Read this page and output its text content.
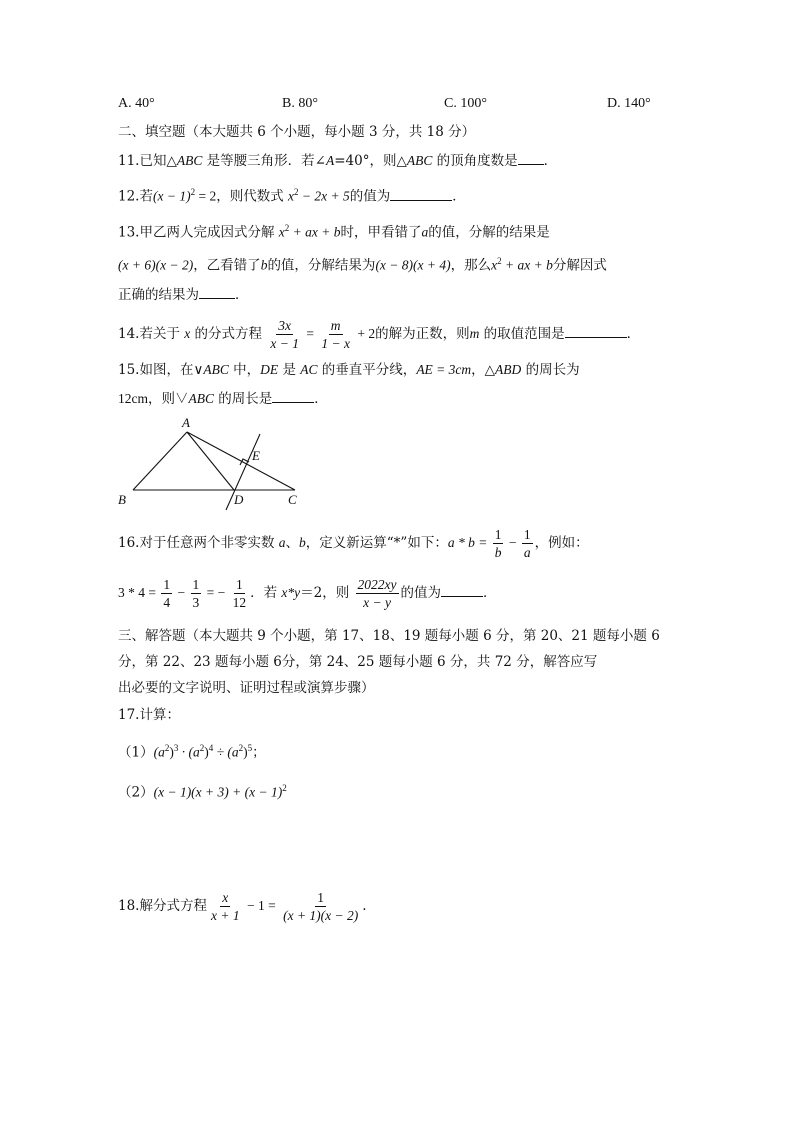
A. 40°	B. 80°	C. 100°	D. 140°
二、填空题（本大题共 6 个小题，每小题 3 分，共 18 分）
11.已知△ABC 是等腰三角形．若∠A=40°，则△ABC 的顶角度数是 ．
12.若$(x - 1)^2 = 2$，则代数式 $x^2 - 2x + 5$的值为	．
13.甲乙两人完成因式分解 $x^2$ + ax + b时，甲看错了a的值，分解的结果是
(x + 6)(x − 2)，乙看错了b的值，分解结果为(x − 8)(x + 4)，那么$x^2$ + ax + b分解因式
正确的结果为	．
14.若关于 x 的分式方程 $\frac{3x}{x - 1} = \frac{m}{1 - x} + 2$的解为正数，则m 的取值范围是	．
15.如图，在∨ABC 中，DE 是 AC 的垂直平分线，AE = 3cm，△ABD 的周长为
12cm，则∨ABC 的周长是	．
A
B	C
D
E
16.对于任意两个非零实数 a、b，定义新运算“*”如下：$a * b = \frac{1}{b} - \frac{1}{a}$ ，例如：
$3 * 4 = \frac{1}{4} - \frac{1}{3}$ = − $\frac{1}{12}$ ．若 x*y＝2，则 $\frac{2022xy}{x - y}$ 的值为	．
三、解答题（本大题共 9 个小题，第 17、18、19 题每小题 6 分，第 20、21 题每小题 6
分，第 22、23 题每小题 6分，第 24、25 题每小题 6 分，共 72 分，解答应写
出必要的文字说明、证明过程或演算步骤）
17.计算：
$(1)(a^2)^3 \cdot (a^2)^4 \div (a^2)^5$；
$(2)(x - 1)(x + 3) + (x - 1)^2$
18.解分式方程 $\frac{x}{x + 1} - 1 = \frac{1}{(x + 1)(x - 2)}$ .
